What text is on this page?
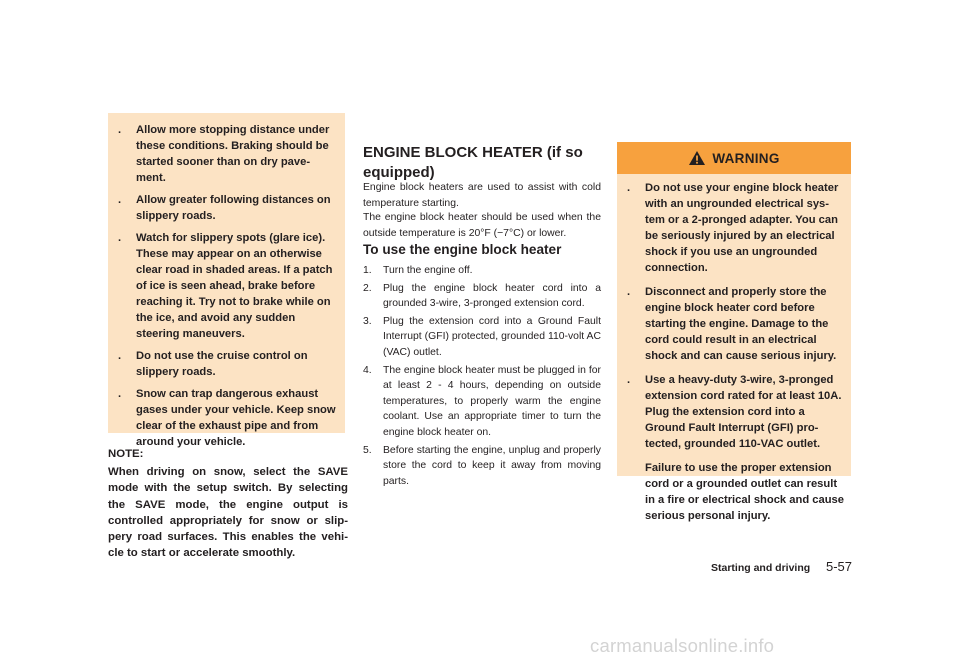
. Allow more stopping distance under these conditions. Braking should be started sooner than on dry pave-ment.
. Allow greater following distances on slippery roads.
. Watch for slippery spots (glare ice). These may appear on an otherwise clear road in shaded areas. If a patch of ice is seen ahead, brake before reaching it. Try not to brake while on the ice, and avoid any sudden steering maneuvers.
. Do not use the cruise control on slippery roads.
. Snow can trap dangerous exhaust gases under your vehicle. Keep snow clear of the exhaust pipe and from around your vehicle.
NOTE:
When driving on snow, select the SAVE mode with the setup switch. By selecting the SAVE mode, the engine output is controlled appropriately for snow or slip-pery road surfaces. This enables the vehi-cle to start or accelerate smoothly.
ENGINE BLOCK HEATER (if so equipped)
Engine block heaters are used to assist with cold temperature starting.
The engine block heater should be used when the outside temperature is 20°F (−7°C) or lower.
To use the engine block heater
1. Turn the engine off.
2. Plug the engine block heater cord into a grounded 3-wire, 3-pronged extension cord.
3. Plug the extension cord into a Ground Fault Interrupt (GFI) protected, grounded 110-volt AC (VAC) outlet.
4. The engine block heater must be plugged in for at least 2 - 4 hours, depending on outside temperatures, to properly warm the engine coolant. Use an appropriate timer to turn the engine block heater on.
5. Before starting the engine, unplug and properly store the cord to keep it away from moving parts.
WARNING
. Do not use your engine block heater with an ungrounded electrical sys-tem or a 2-pronged adapter. You can be seriously injured by an electrical shock if you use an ungrounded connection.
. Disconnect and properly store the engine block heater cord before starting the engine. Damage to the cord could result in an electrical shock and can cause serious injury.
. Use a heavy-duty 3-wire, 3-pronged extension cord rated for at least 10A. Plug the extension cord into a Ground Fault Interrupt (GFI) pro-tected, grounded 110-VAC outlet.
Failure to use the proper extension cord or a grounded outlet can result in a fire or electrical shock and cause serious personal injury.
Starting and driving 5-57
carmanualsonline.info
